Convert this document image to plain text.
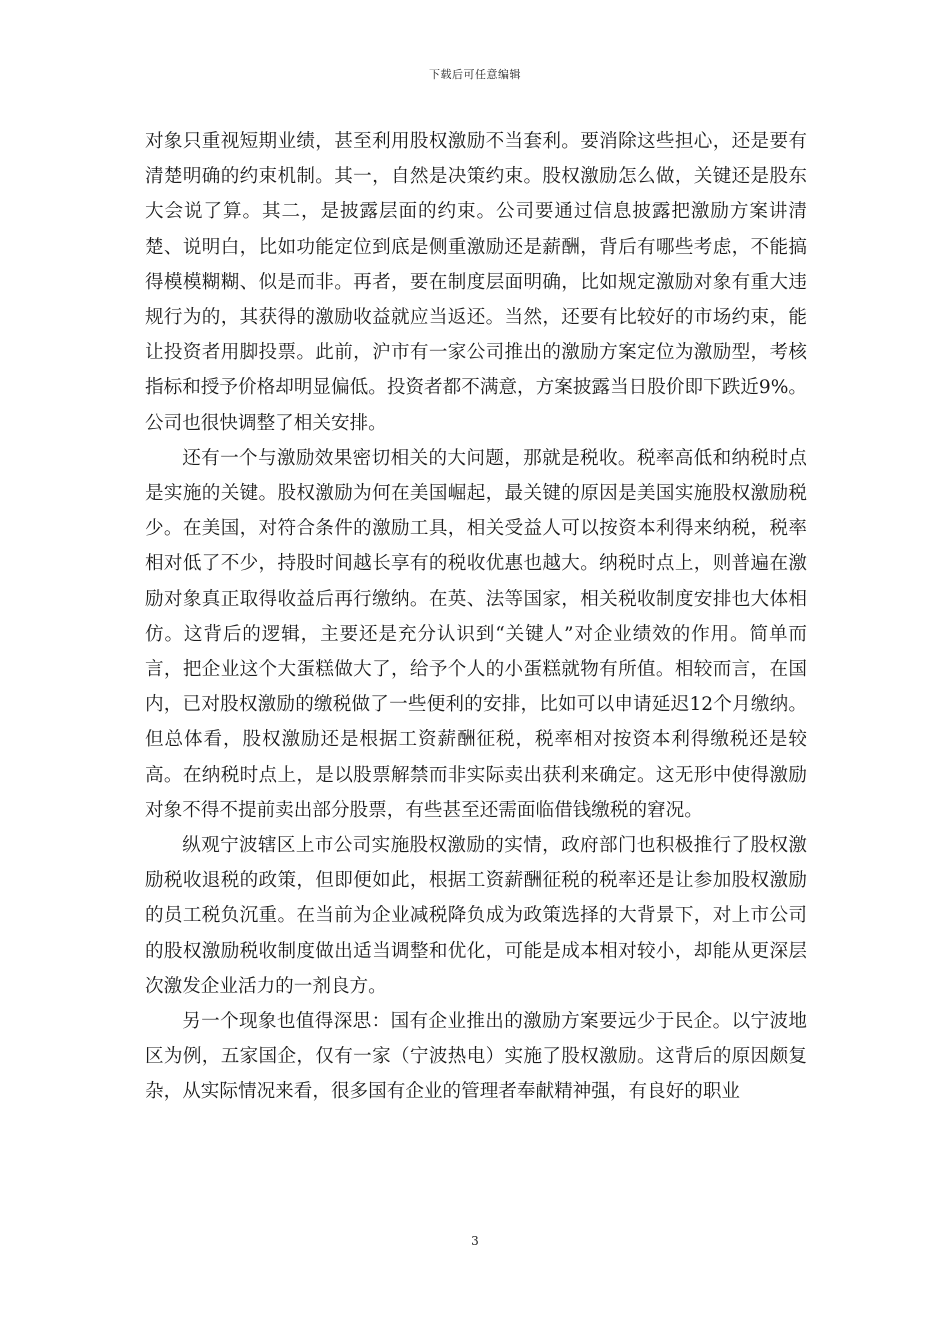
下载后可任意编辑

对象只重视短期业绩，甚至利用股权激励不当套利。要消除这些担心，还是要有清楚明确的约束机制。其一，自然是决策约束。股权激励怎么做，关键还是股东大会说了算。其二，是披露层面的约束。公司要通过信息披露把激励方案讲清楚、说明白，比如功能定位到底是侧重激励还是薪酬，背后有哪些考虑，不能搞得模模糊糊、似是而非。再者，要在制度层面明确，比如规定激励对象有重大违规行为的，其获得的激励收益就应当返还。当然，还要有比较好的市场约束，能让投资者用脚投票。此前，沪市有一家公司推出的激励方案定位为激励型，考核指标和授予价格却明显偏低。投资者都不满意，方案披露当日股价即下跌近9%。公司也很快调整了相关安排。

还有一个与激励效果密切相关的大问题，那就是税收。税率高低和纳税时点是实施的关键。股权激励为何在美国崛起，最关键的原因是美国实施股权激励税少。在美国，对符合条件的激励工具，相关受益人可以按资本利得来纳税，税率相对低了不少，持股时间越长享有的税收优惠也越大。纳税时点上，则普遍在激励对象真正取得收益后再行缴纳。在英、法等国家，相关税收制度安排也大体相仿。这背后的逻辑，主要还是充分认识到“关键人”对企业绩效的作用。简单而言，把企业这个大蛋糕做大了，给予个人的小蛋糕就物有所值。相较而言，在国内，已对股权激励的缴税做了一些便利的安排，比如可以申请延迟12个月缴纳。但总体看，股权激励还是根据工资薪酬征税，税率相对按资本利得缴税还是较高。在纳税时点上，是以股票解禁而非实际卖出获利来确定。这无形中使得激励对象不得不提前卖出部分股票，有些甚至还需面临借钱缴税的窘况。

纵观宁波辖区上市公司实施股权激励的实情，政府部门也积极推行了股权激励税收退税的政策，但即便如此，根据工资薪酬征税的税率还是让参加股权激励的员工税负沉重。在当前为企业减税降负成为政策选择的大背景下，对上市公司的股权激励税收制度做出适当调整和优化，可能是成本相对较小，却能从更深层次激发企业活力的一剂良方。

另一个现象也值得深思：国有企业推出的激励方案要远少于民企。以宁波地区为例，五家国企，仅有一家（宁波热电）实施了股权激励。这背后的原因颇复杂，从实际情况来看，很多国有企业的管理者奉献精神强，有良好的职业

3
